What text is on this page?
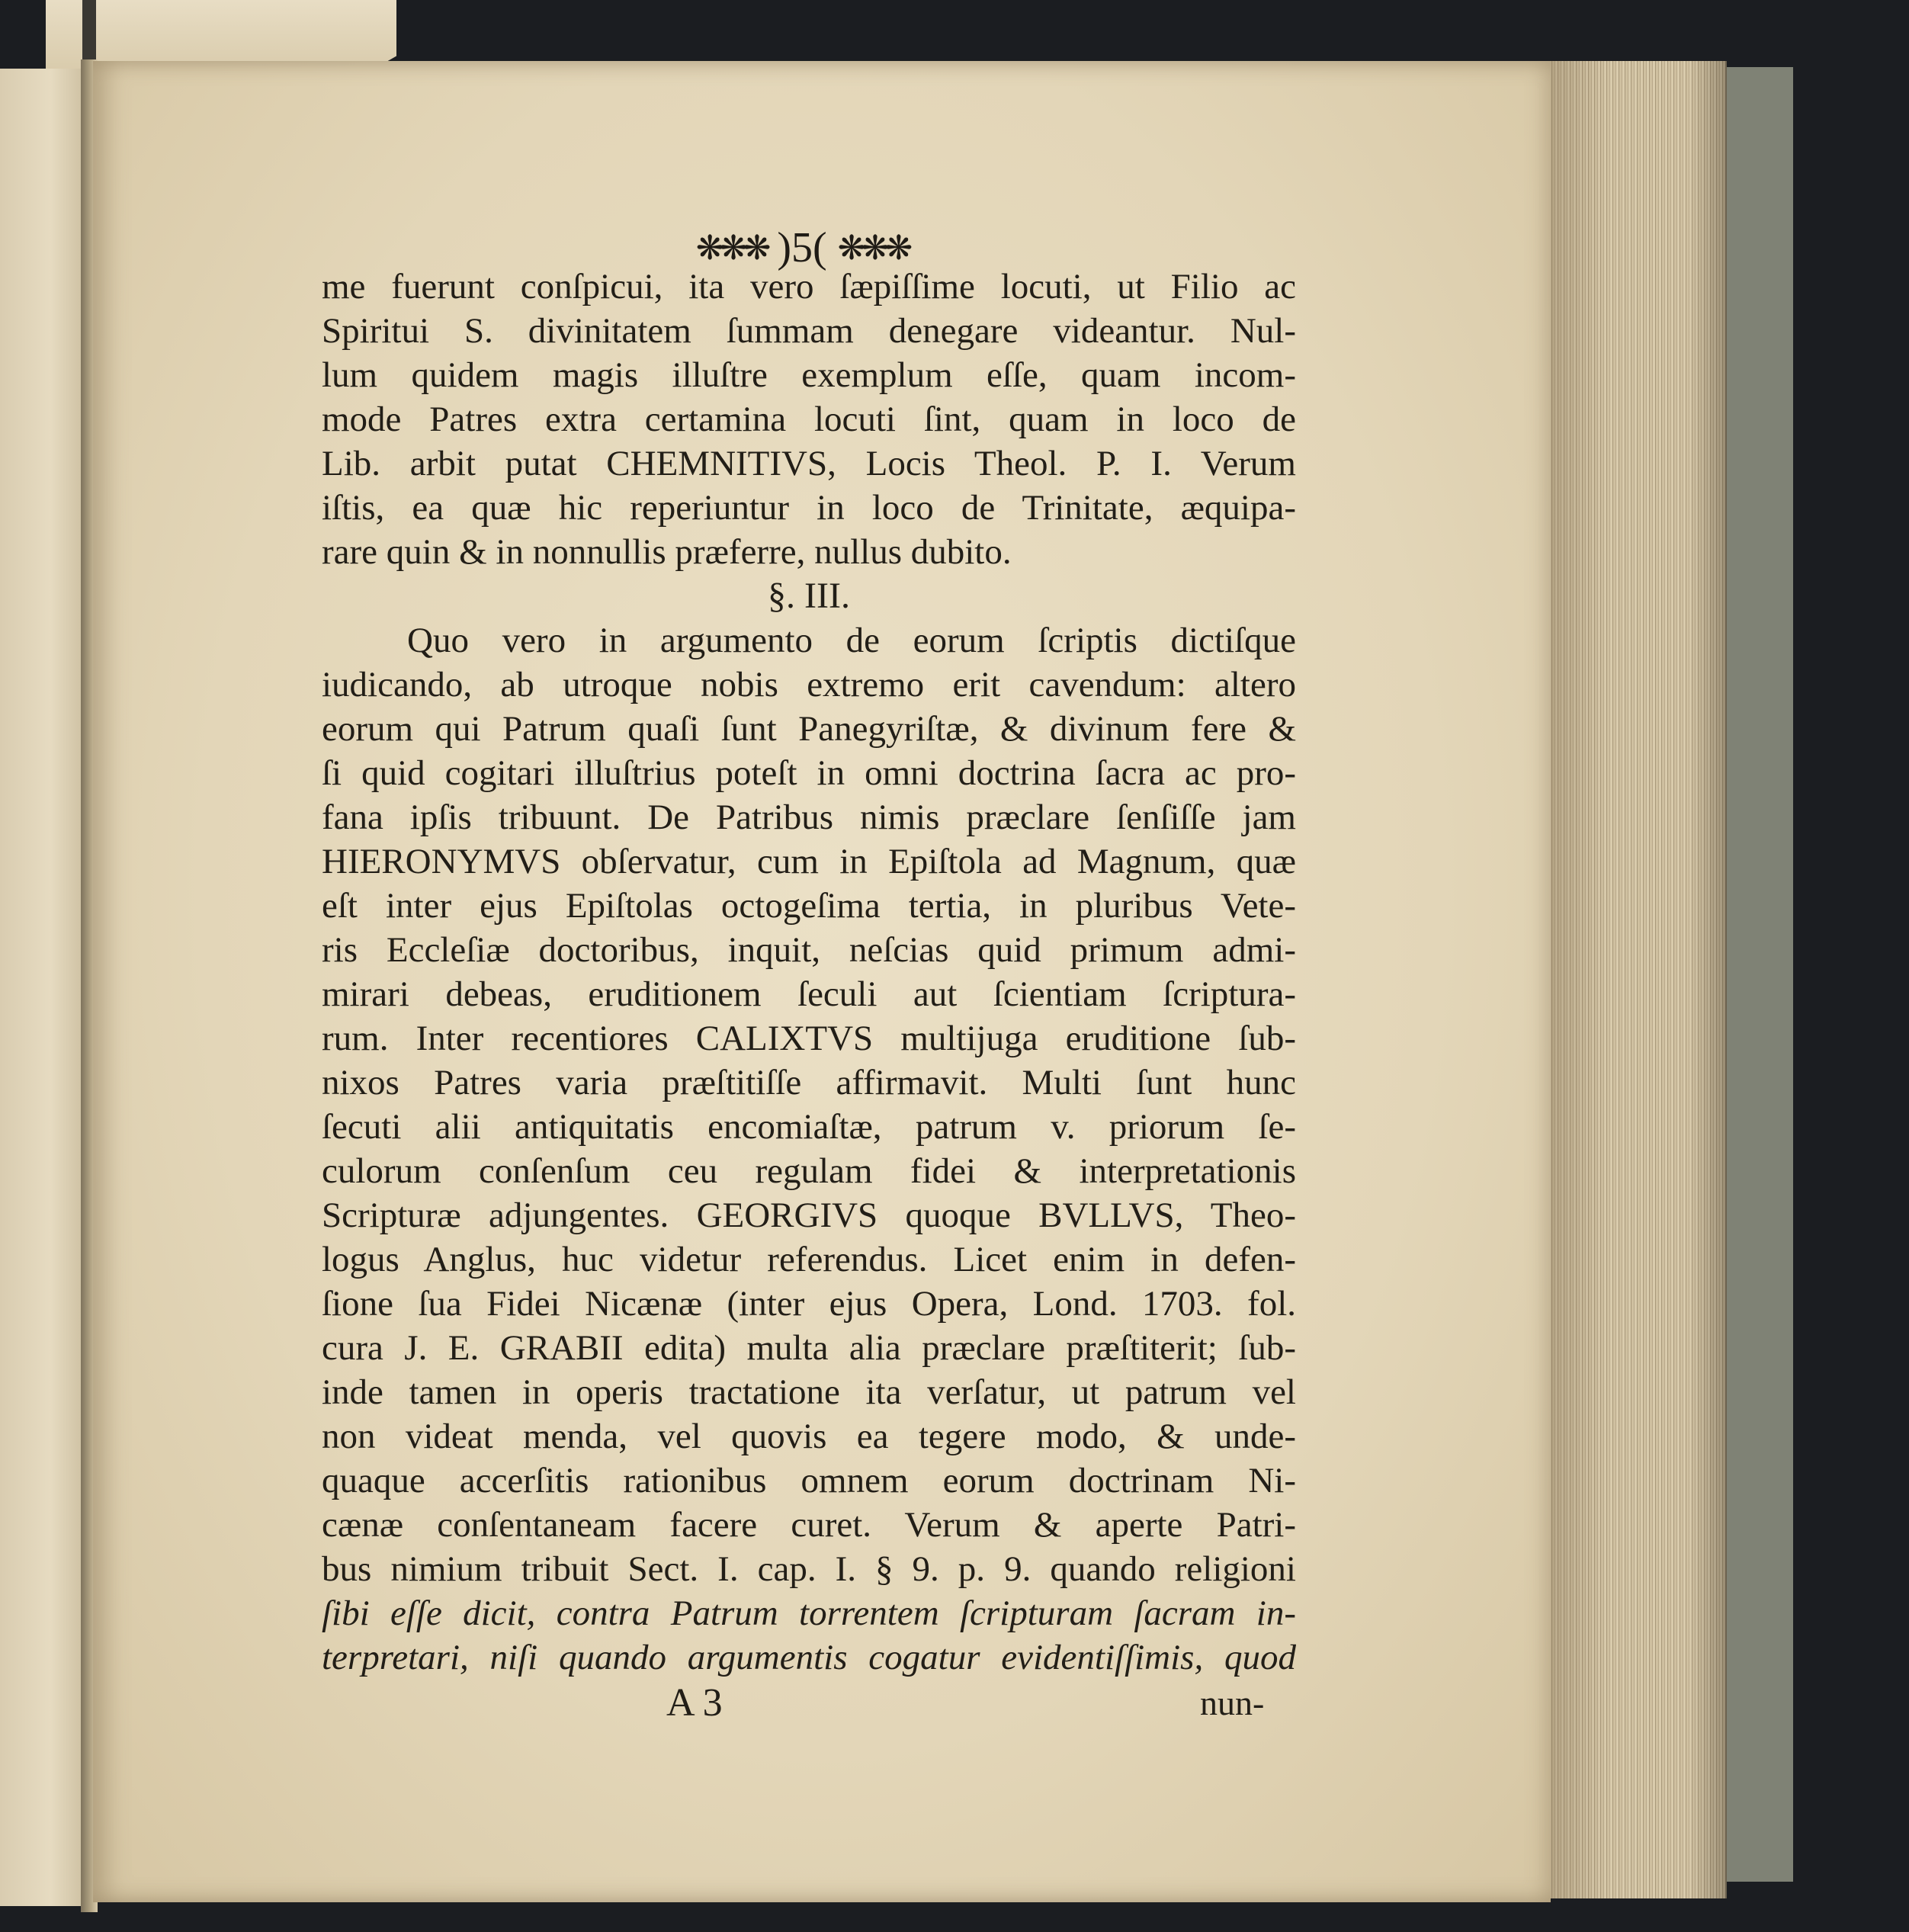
❋❋❋ )5( ❋❋❋
me fuerunt conſpicui, ita vero ſæpiſſime locuti, ut Filio ac
Spiritui S. divinitatem ſummam denegare videantur. Nul-
lum quidem magis illuſtre exemplum eſſe, quam incom-
mode Patres extra certamina locuti ſint, quam in loco de
Lib. arbit putat CHEMNITIVS, Locis Theol. P. I. Verum
iſtis, ea quæ hic reperiuntur in loco de Trinitate, æquipa-
rare quin & in nonnullis præferre, nullus dubito.
§. III.
Quo vero in argumento de eorum ſcriptis dictiſque
iudicando, ab utroque nobis extremo erit cavendum: altero
eorum qui Patrum quaſi ſunt Panegyriſtæ, & divinum fere &
ſi quid cogitari illuſtrius poteſt in omni doctrina ſacra ac pro-
fana ipſis tribuunt. De Patribus nimis præclare ſenſiſſe jam
HIERONYMVS obſervatur, cum in Epiſtola ad Magnum, quæ
eſt inter ejus Epiſtolas octogeſima tertia, in pluribus Vete-
ris Eccleſiæ doctoribus, inquit, neſcias quid primum admi-
mirari debeas, eruditionem ſeculi aut ſcientiam ſcriptura-
rum. Inter recentiores CALIXTVS multijuga eruditione ſub-
nixos Patres varia præſtitiſſe affirmavit. Multi ſunt hunc
ſecuti alii antiquitatis encomiaſtæ, patrum v. priorum ſe-
culorum conſenſum ceu regulam fidei & interpretationis
Scripturæ adjungentes. GEORGIVS quoque BVLLVS, Theo-
logus Anglus, huc videtur referendus. Licet enim in defen-
ſione ſua Fidei Nicænæ (inter ejus Opera, Lond. 1703. fol.
cura J. E. GRABII edita) multa alia præclare præſtiterit; ſub-
inde tamen in operis tractatione ita verſatur, ut patrum vel
non videat menda, vel quovis ea tegere modo, & unde-
quaque accerſitis rationibus omnem eorum doctrinam Ni-
cænæ conſentaneam facere curet. Verum & aperte Patri-
bus nimium tribuit Sect. I. cap. I. § 9. p. 9. quando religioni
ſibi eſſe dicit, contra Patrum torrentem ſcripturam ſacram in-
terpretari, niſi quando argumentis cogatur evidentiſſimis, quod
A 3	nun-
